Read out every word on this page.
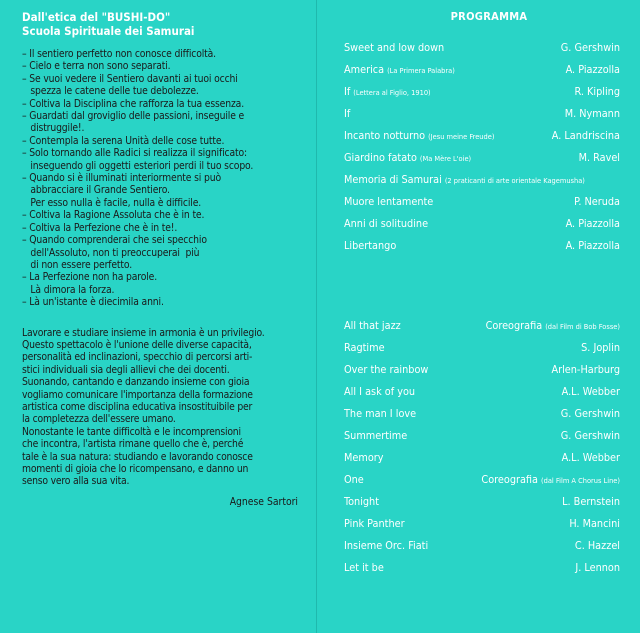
Dall'etica del "BUSHI-DO"
Scuola Spirituale dei Samurai
– Il sentiero perfetto non conosce difficoltà.
– Cielo e terra non sono separati.
– Se vuoi vedere il Sentiero davanti ai tuoi occhi
spezza le catene delle tue debolezze.
– Coltiva la Disciplina che rafforza la tua essenza.
– Guardati dal groviglio delle passioni, inseguile e
distruggile!.
– Contempla la serena Unità delle cose tutte.
– Solo tornando alle Radici si realizza il significato:
inseguendo gli oggetti esteriori perdi il tuo scopo.
– Quando si è illuminati interiormente si può
abbracciare il Grande Sentiero.
Per esso nulla è facile, nulla è difficile.
– Coltiva la Ragione Assoluta che è in te.
– Coltiva la Perfezione che è in te!.
– Quando comprenderai che sei specchio
dell'Assoluto, non ti preoccuperai  più
di non essere perfetto.
– La Perfezione non ha parole.
Là dimora la forza.
– Là un'istante è diecimila anni.
Lavorare e studiare insieme in armonia è un privilegio.
Questo spettacolo è l'unione delle diverse capacità,
personalità ed inclinazioni, specchio di percorsi arti-
stici individuali sia degli allievi che dei docenti.
Suonando, cantando e danzando insieme con gioia
vogliamo comunicare l'importanza della formazione
artistica come disciplina educativa insostituibile per
la completezza dell'essere umano.
Nonostante le tante difficoltà e le incomprensioni
che incontra, l'artista rimane quello che è, perché
tale è la sua natura: studiando e lavorando conosce
momenti di gioia che lo ricompensano, e danno un
senso vero alla sua vita.
Agnese Sartori
PROGRAMMA
Sweet and low down	G. Gershwin
America (La Primera Palabra)	A. Piazzolla
If (Lettera al Figlio, 1910)	R. Kipling
If	M. Nymann
Incanto notturno (Jesu meine Freude)	A. Landriscina
Giardino fatato (Ma Mère L'oie)	M. Ravel
Memoria di Samurai (2 praticanti di arte orientale Kagemusha)
Muore lentamente	P. Neruda
Anni di solitudine	A. Piazzolla
Libertango	A. Piazzolla
All that jazz	Coreografia (dal Film di Bob Fosse)
Ragtime	S. Joplin
Over the rainbow	Arlen-Harburg
All I ask of you	A.L. Webber
The man I love	G. Gershwin
Summertime	G. Gershwin
Memory	A.L. Webber
One	Coreografia (dal Film A Chorus Line)
Tonight	L. Bernstein
Pink Panther	H. Mancini
Insieme Orc. Fiati	C. Hazzel
Let it be	J. Lennon
